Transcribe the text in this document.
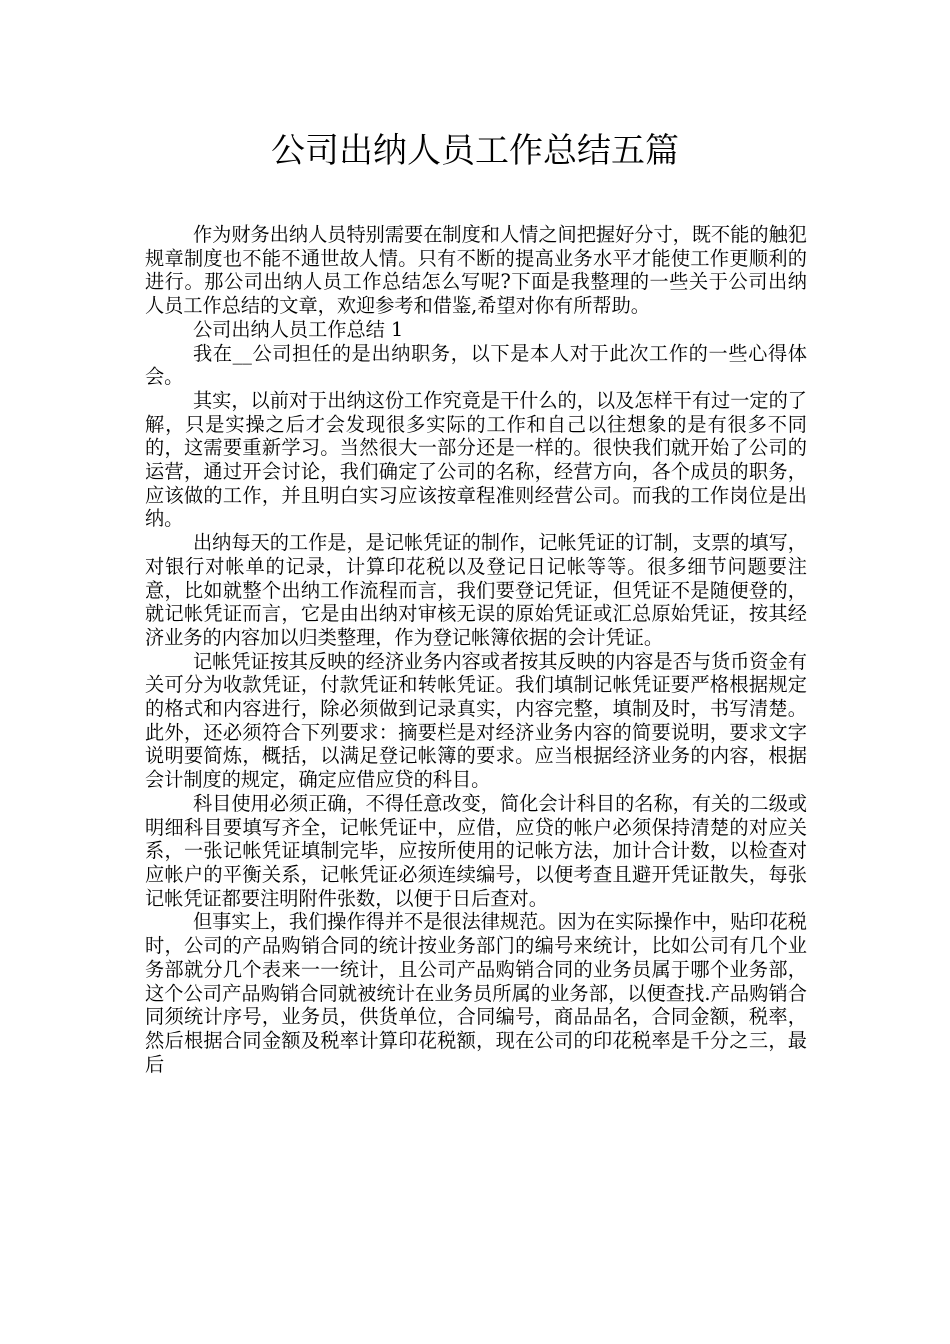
公司出纳人员工作总结五篇

作为财务出纳人员特别需要在制度和人情之间把握好分寸，既不能的触犯规章制度也不能不通世故人情。只有不断的提高业务水平才能使工作更顺利的进行。那公司出纳人员工作总结怎么写呢?下面是我整理的一些关于公司出纳人员工作总结的文章，欢迎参考和借鉴,希望对你有所帮助。

公司出纳人员工作总结 1

我在__公司担任的是出纳职务，以下是本人对于此次工作的一些心得体会。

其实，以前对于出纳这份工作究竟是干什么的，以及怎样干有过一定的了解，只是实操之后才会发现很多实际的工作和自己以往想象的是有很多不同的，这需要重新学习。当然很大一部分还是一样的。很快我们就开始了公司的运营，通过开会讨论，我们确定了公司的名称，经营方向，各个成员的职务，应该做的工作，并且明白实习应该按章程准则经营公司。而我的工作岗位是出纳。

出纳每天的工作是，是记帐凭证的制作，记帐凭证的订制，支票的填写，对银行对帐单的记录，计算印花税以及登记日记帐等等。很多细节问题要注意，比如就整个出纳工作流程而言，我们要登记凭证，但凭证不是随便登的，就记帐凭证而言，它是由出纳对审核无误的原始凭证或汇总原始凭证，按其经济业务的内容加以归类整理，作为登记帐簿依据的会计凭证。

记帐凭证按其反映的经济业务内容或者按其反映的内容是否与货币资金有关可分为收款凭证，付款凭证和转帐凭证。我们填制记帐凭证要严格根据规定的格式和内容进行，除必须做到记录真实，内容完整，填制及时，书写清楚。此外，还必须符合下列要求：摘要栏是对经济业务内容的简要说明，要求文字说明要简炼，概括，以满足登记帐簿的要求。应当根据经济业务的内容，根据会计制度的规定，确定应借应贷的科目。

科目使用必须正确，不得任意改变，简化会计科目的名称，有关的二级或明细科目要填写齐全，记帐凭证中，应借，应贷的帐户必须保持清楚的对应关系，一张记帐凭证填制完毕，应按所使用的记帐方法，加计合计数，以检查对应帐户的平衡关系，记帐凭证必须连续编号，以便考查且避开凭证散失，每张记帐凭证都要注明附件张数，以便于日后查对。

但事实上，我们操作得并不是很法律规范。因为在实际操作中，贴印花税时，公司的产品购销合同的统计按业务部门的编号来统计，比如公司有几个业务部就分几个表来一一统计，且公司产品购销合同的业务员属于哪个业务部，这个公司产品购销合同就被统计在业务员所属的业务部，以便查找.产品购销合同须统计序号，业务员，供货单位，合同编号，商品品名，合同金额，税率，然后根据合同金额及税率计算印花税额，现在公司的印花税率是千分之三，最后
